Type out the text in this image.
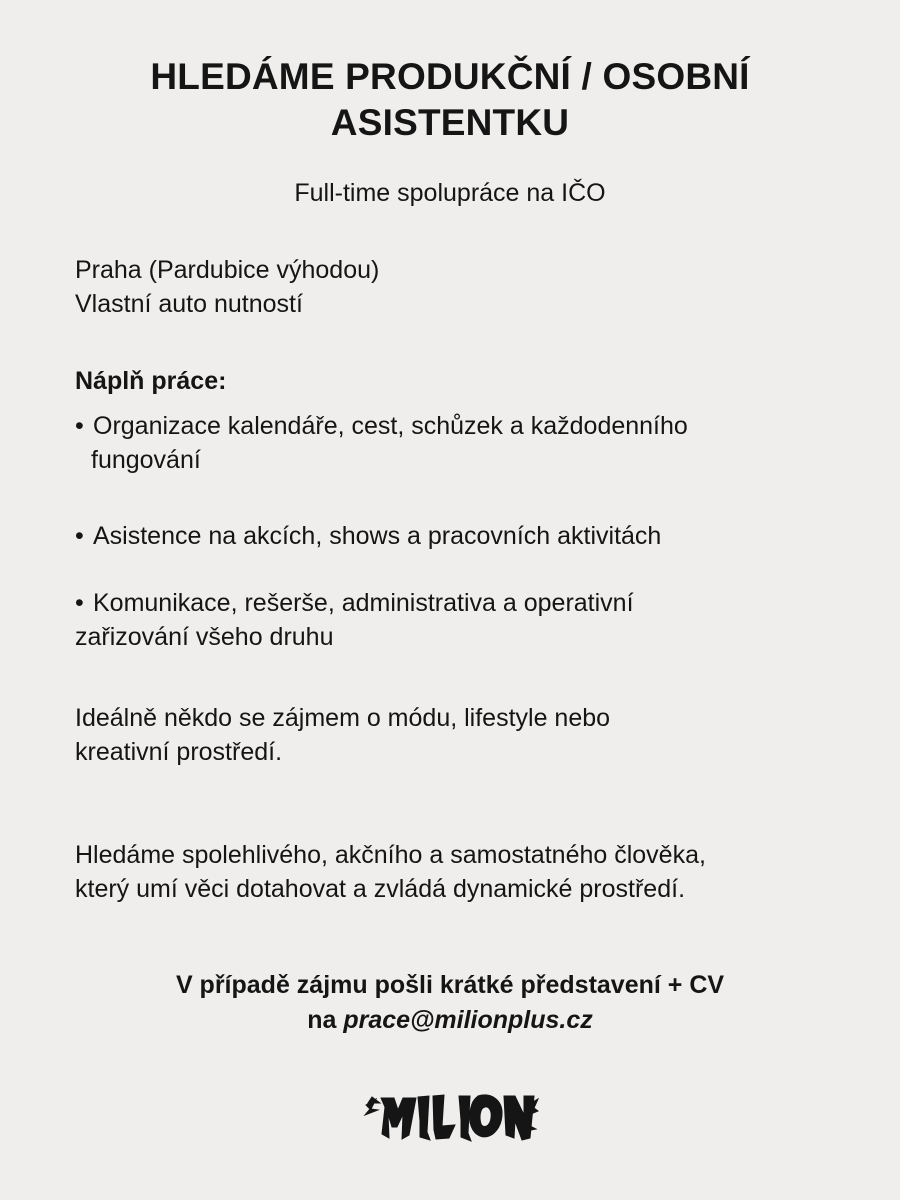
HLEDÁME PRODUKČNÍ / OSOBNÍ
ASISTENTKU

Full-time spolupráce na IČO

Praha (Pardubice výhodou)
Vlastní auto nutností
Náplň práce:
• Organizace kalendáře, cest, schůzek a každodenního
fungování
• Asistence na akcích, shows a pracovních aktivitách
• Komunikace, rešerše, administrativa a operativní
zařizování všeho druhu
Ideálně někdo se zájmem o módu, lifestyle nebo
kreativní prostředí.
Hledáme spolehlivého, akčního a samostatného člověka,
který umí věci dotahovat a zvládá dynamické prostředí.
V případě zájmu pošli krátké představení + CV
na prace@milionplus.cz
